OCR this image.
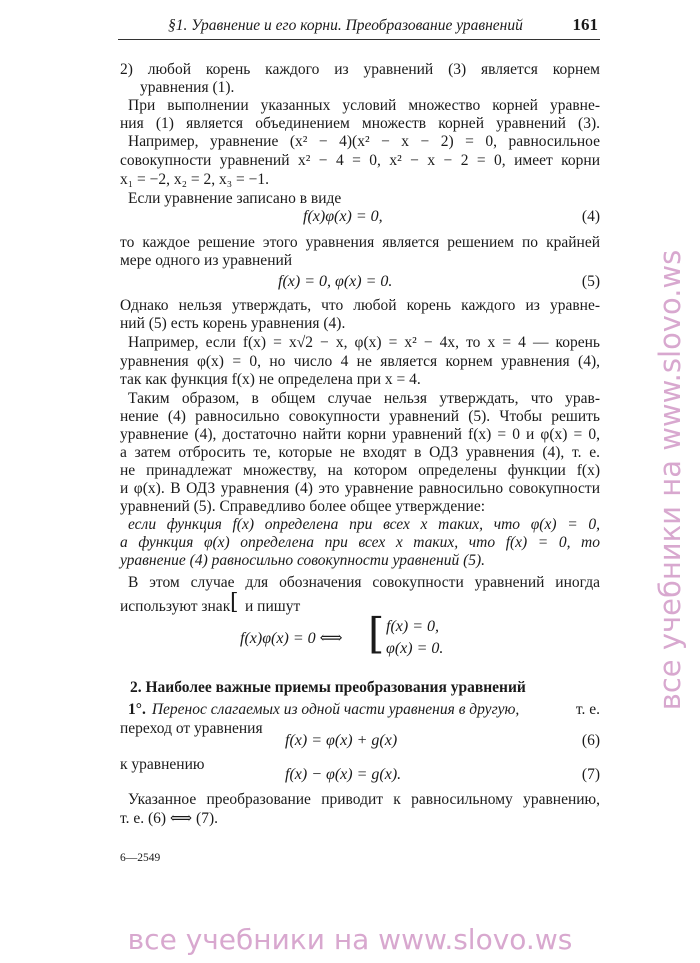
§1. Уравнение и его корни. Преобразование уравнений	161
2) любой корень каждого из уравнений (3) является корнем
уравнения (1).
При выполнении указанных условий множество корней уравне-
ния (1) является объединением множеств корней уравнений (3).
Например, уравнение (x² − 4)(x² − x − 2) = 0, равносильное
совокупности уравнений x² − 4 = 0, x² − x − 2 = 0, имеет корни
x₁ = −2, x₂ = 2, x₃ = −1.
Если уравнение записано в виде
f(x)φ(x) = 0,	(4)
то каждое решение этого уравнения является решением по крайней
мере одного из уравнений
f(x) = 0, φ(x) = 0.	(5)
Однако нельзя утверждать, что любой корень каждого из уравне-
ний (5) есть корень уравнения (4).
Например, если f(x) = x√2 − x, φ(x) = x² − 4x, то x = 4 — корень
уравнения φ(x) = 0, но число 4 не является корнем уравнения (4),
так как функция f(x) не определена при x = 4.
Таким образом, в общем случае нельзя утверждать, что урав-
нение (4) равносильно совокупности уравнений (5). Чтобы решить
уравнение (4), достаточно найти корни уравнений f(x) = 0 и φ(x) = 0,
а затем отбросить те, которые не входят в ОДЗ уравнения (4), т. е.
не принадлежат множеству, на котором определены функции f(x)
и φ(x). В ОДЗ уравнения (4) это уравнение равносильно совокупности
уравнений (5). Справедливо более общее утверждение:
если функция f(x) определена при всех x таких, что φ(x) = 0,
а функция φ(x) определена при всех x таких, что f(x) = 0, то
уравнение (4) равносильно совокупности уравнений (5).
В этом случае для обозначения совокупности уравнений иногда
используют знак [ и пишут
f(x)φ(x) = 0 ⟺ [ f(x) = 0,
φ(x) = 0.
2. Наиболее важные приемы преобразования уравнений
1°. Перенос слагаемых из одной части уравнения в другую,	т. е.
переход от уравнения
f(x) = φ(x) + g(x)	(6)
к уравнению
f(x) − φ(x) = g(x).	(7)
Указанное преобразование приводит к равносильному уравнению,
т. е. (6) ⟺ (7).
6—2549
все учебники на www.slovo.ws
все учебники на www.slovo.ws
